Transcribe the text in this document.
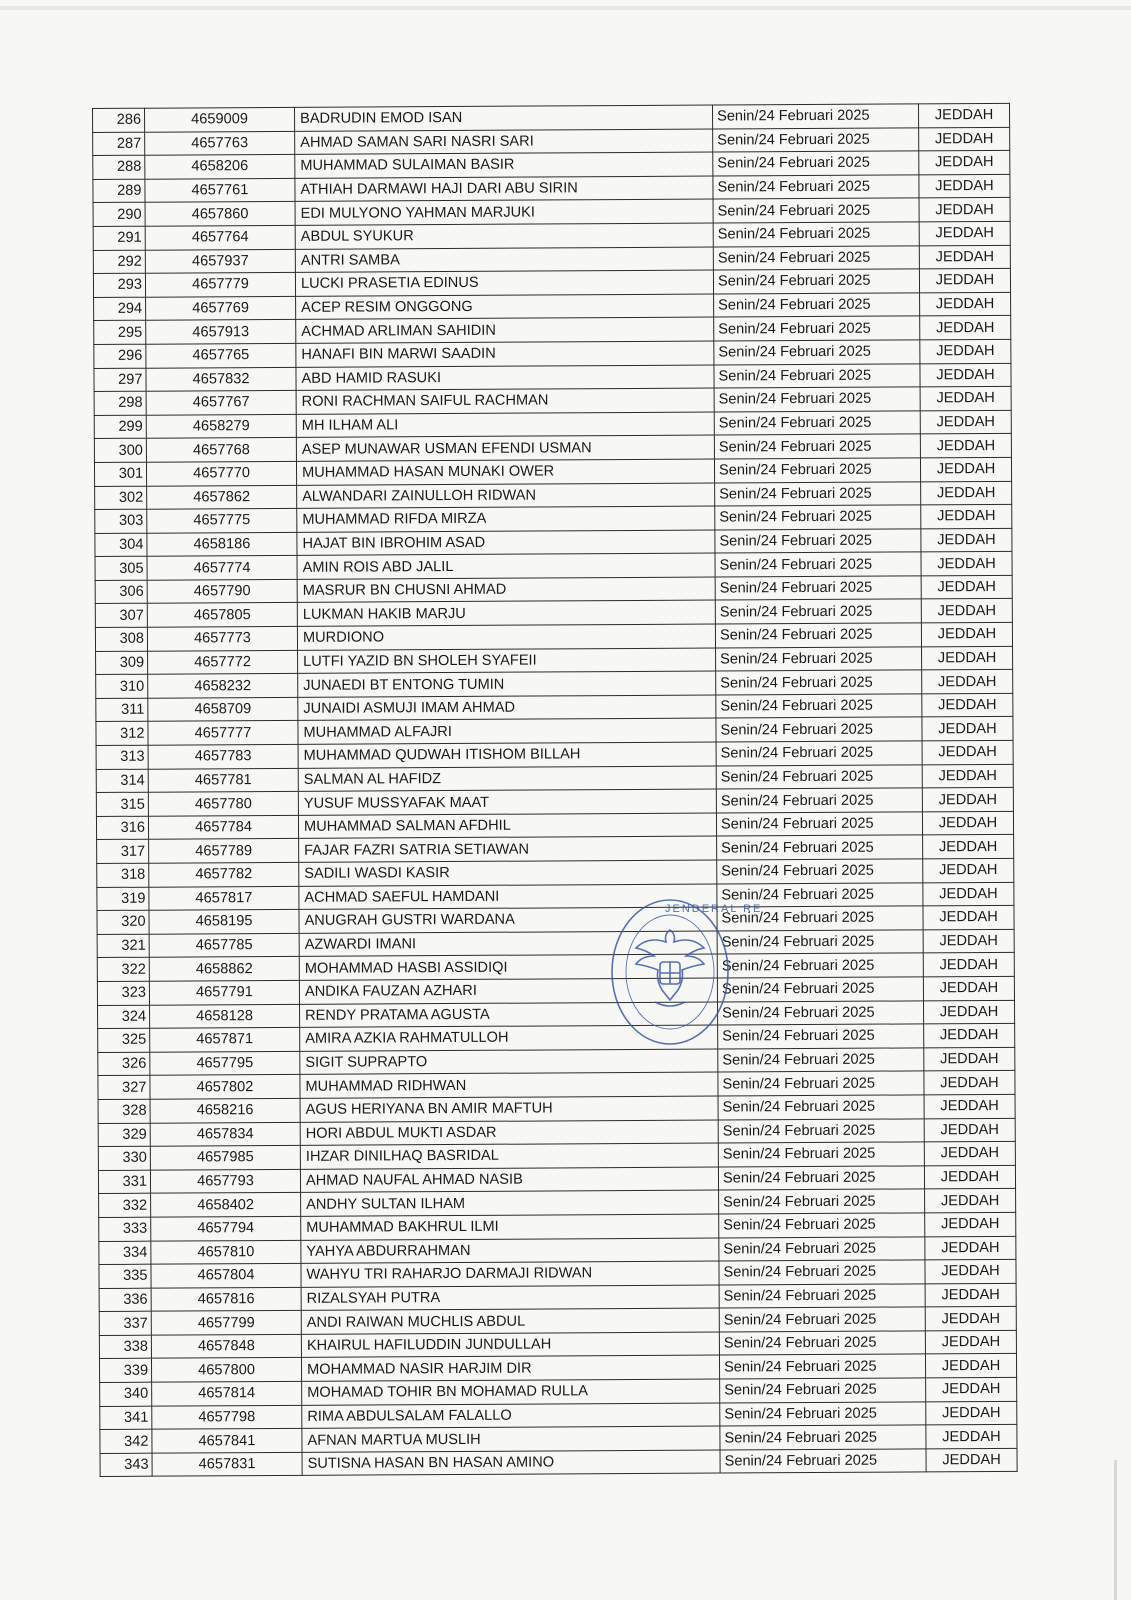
286	4659009	BADRUDIN EMOD ISAN	Senin/24 Februari 2025	JEDDAH
287	4657763	AHMAD SAMAN SARI NASRI SARI	Senin/24 Februari 2025	JEDDAH
288	4658206	MUHAMMAD SULAIMAN BASIR	Senin/24 Februari 2025	JEDDAH
289	4657761	ATHIAH DARMAWI HAJI DARI ABU SIRIN	Senin/24 Februari 2025	JEDDAH
290	4657860	EDI MULYONO YAHMAN MARJUKI	Senin/24 Februari 2025	JEDDAH
291	4657764	ABDUL SYUKUR	Senin/24 Februari 2025	JEDDAH
292	4657937	ANTRI SAMBA	Senin/24 Februari 2025	JEDDAH
293	4657779	LUCKI PRASETIA EDINUS	Senin/24 Februari 2025	JEDDAH
294	4657769	ACEP RESIM ONGGONG	Senin/24 Februari 2025	JEDDAH
295	4657913	ACHMAD ARLIMAN SAHIDIN	Senin/24 Februari 2025	JEDDAH
296	4657765	HANAFI BIN MARWI SAADIN	Senin/24 Februari 2025	JEDDAH
297	4657832	ABD HAMID RASUKI	Senin/24 Februari 2025	JEDDAH
298	4657767	RONI RACHMAN SAIFUL RACHMAN	Senin/24 Februari 2025	JEDDAH
299	4658279	MH ILHAM ALI	Senin/24 Februari 2025	JEDDAH
300	4657768	ASEP MUNAWAR USMAN EFENDI USMAN	Senin/24 Februari 2025	JEDDAH
301	4657770	MUHAMMAD HASAN MUNAKI OWER	Senin/24 Februari 2025	JEDDAH
302	4657862	ALWANDARI ZAINULLOH RIDWAN	Senin/24 Februari 2025	JEDDAH
303	4657775	MUHAMMAD RIFDA MIRZA	Senin/24 Februari 2025	JEDDAH
304	4658186	HAJAT BIN IBROHIM ASAD	Senin/24 Februari 2025	JEDDAH
305	4657774	AMIN ROIS ABD JALIL	Senin/24 Februari 2025	JEDDAH
306	4657790	MASRUR BN CHUSNI AHMAD	Senin/24 Februari 2025	JEDDAH
307	4657805	LUKMAN HAKIB MARJU	Senin/24 Februari 2025	JEDDAH
308	4657773	MURDIONO	Senin/24 Februari 2025	JEDDAH
309	4657772	LUTFI YAZID BN SHOLEH SYAFEII	Senin/24 Februari 2025	JEDDAH
310	4658232	JUNAEDI BT ENTONG TUMIN	Senin/24 Februari 2025	JEDDAH
311	4658709	JUNAIDI ASMUJI IMAM AHMAD	Senin/24 Februari 2025	JEDDAH
312	4657777	MUHAMMAD ALFAJRI	Senin/24 Februari 2025	JEDDAH
313	4657783	MUHAMMAD QUDWAH ITISHOM BILLAH	Senin/24 Februari 2025	JEDDAH
314	4657781	SALMAN AL HAFIDZ	Senin/24 Februari 2025	JEDDAH
315	4657780	YUSUF MUSSYAFAK MAAT	Senin/24 Februari 2025	JEDDAH
316	4657784	MUHAMMAD SALMAN AFDHIL	Senin/24 Februari 2025	JEDDAH
317	4657789	FAJAR FAZRI SATRIA SETIAWAN	Senin/24 Februari 2025	JEDDAH
318	4657782	SADILI WASDI KASIR	Senin/24 Februari 2025	JEDDAH
319	4657817	ACHMAD SAEFUL HAMDANI	Senin/24 Februari 2025	JEDDAH
320	4658195	ANUGRAH GUSTRI WARDANA	Senin/24 Februari 2025	JEDDAH
321	4657785	AZWARDI IMANI	Senin/24 Februari 2025	JEDDAH
322	4658862	MOHAMMAD HASBI ASSIDIQI	Senin/24 Februari 2025	JEDDAH
323	4657791	ANDIKA FAUZAN AZHARI	Senin/24 Februari 2025	JEDDAH
324	4658128	RENDY PRATAMA AGUSTA	Senin/24 Februari 2025	JEDDAH
325	4657871	AMIRA AZKIA RAHMATULLOH	Senin/24 Februari 2025	JEDDAH
326	4657795	SIGIT SUPRAPTO	Senin/24 Februari 2025	JEDDAH
327	4657802	MUHAMMAD RIDHWAN	Senin/24 Februari 2025	JEDDAH
328	4658216	AGUS HERIYANA BN AMIR MAFTUH	Senin/24 Februari 2025	JEDDAH
329	4657834	HORI ABDUL MUKTI ASDAR	Senin/24 Februari 2025	JEDDAH
330	4657985	IHZAR DINILHAQ BASRIDAL	Senin/24 Februari 2025	JEDDAH
331	4657793	AHMAD NAUFAL AHMAD NASIB	Senin/24 Februari 2025	JEDDAH
332	4658402	ANDHY SULTAN ILHAM	Senin/24 Februari 2025	JEDDAH
333	4657794	MUHAMMAD BAKHRUL ILMI	Senin/24 Februari 2025	JEDDAH
334	4657810	YAHYA ABDURRAHMAN	Senin/24 Februari 2025	JEDDAH
335	4657804	WAHYU TRI RAHARJO DARMAJI RIDWAN	Senin/24 Februari 2025	JEDDAH
336	4657816	RIZALSYAH PUTRA	Senin/24 Februari 2025	JEDDAH
337	4657799	ANDI RAIWAN MUCHLIS ABDUL	Senin/24 Februari 2025	JEDDAH
338	4657848	KHAIRUL HAFILUDDIN JUNDULLAH	Senin/24 Februari 2025	JEDDAH
339	4657800	MOHAMMAD NASIR HARJIM DIR	Senin/24 Februari 2025	JEDDAH
340	4657814	MOHAMAD TOHIR BN MOHAMAD RULLA	Senin/24 Februari 2025	JEDDAH
341	4657798	RIMA ABDULSALAM FALALLO	Senin/24 Februari 2025	JEDDAH
342	4657841	AFNAN MARTUA MUSLIH	Senin/24 Februari 2025	JEDDAH
343	4657831	SUTISNA HASAN BN HASAN AMINO	Senin/24 Februari 2025	JEDDAH
JENDERAL RE
